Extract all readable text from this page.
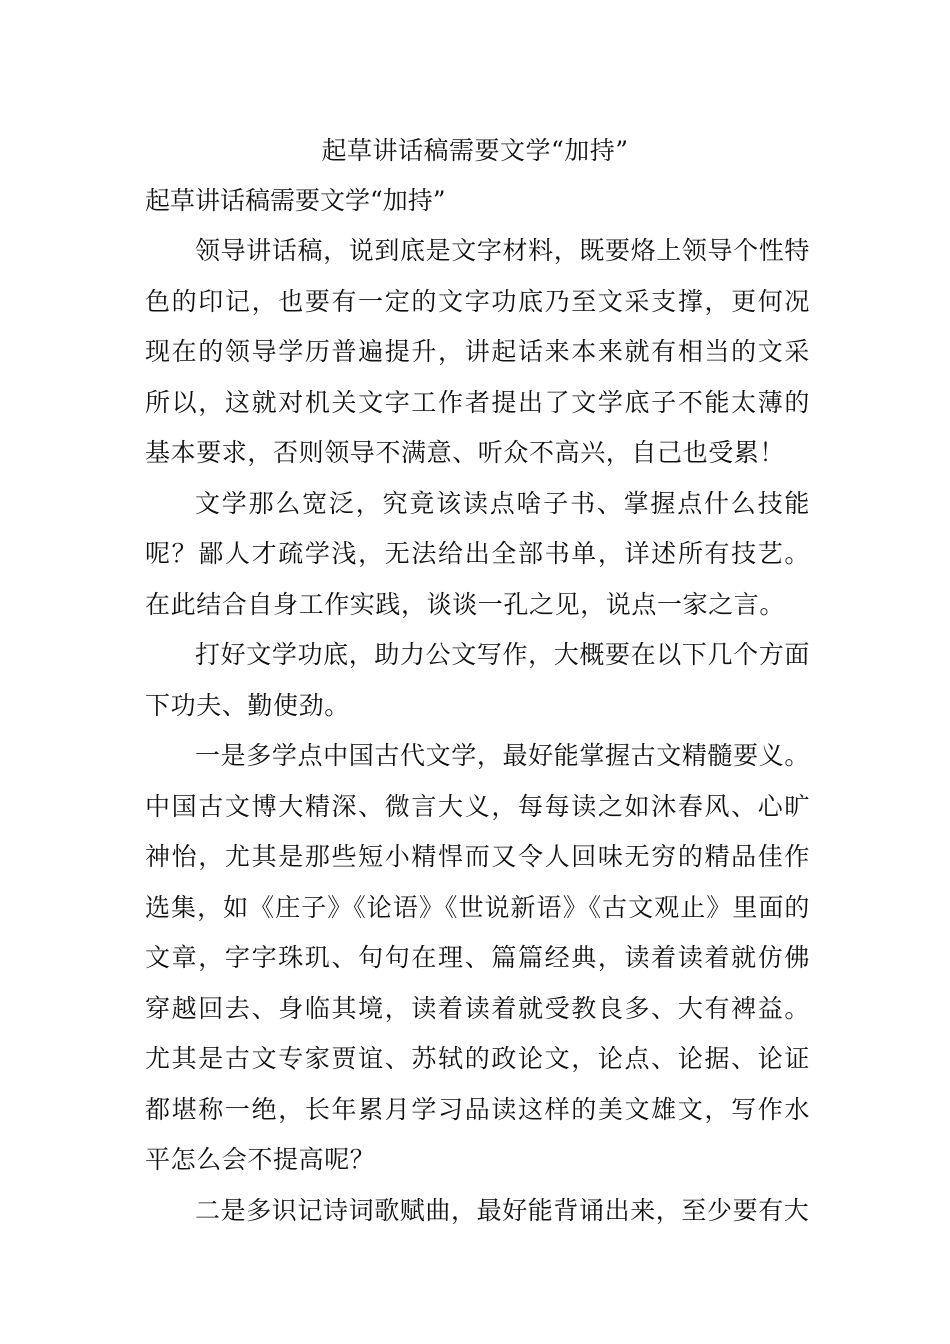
起草讲话稿需要文学“加持”

起草讲话稿需要文学“加持”

领导讲话稿，说到底是文字材料，既要烙上领导个性特色的印记，也要有一定的文字功底乃至文采支撑，更何况现在的领导学历普遍提升，讲起话来本来就有相当的文采所以，这就对机关文字工作者提出了文学底子不能太薄的基本要求，否则领导不满意、听众不高兴，自己也受累！

文学那么宽泛，究竟该读点啥子书、掌握点什么技能呢？鄙人才疏学浅，无法给出全部书单，详述所有技艺。在此结合自身工作实践，谈谈一孔之见，说点一家之言。

打好文学功底，助力公文写作，大概要在以下几个方面下功夫、勤使劲。

一是多学点中国古代文学，最好能掌握古文精髓要义。中国古文博大精深、微言大义，每每读之如沐春风、心旷神怡，尤其是那些短小精悍而又令人回味无穷的精品佳作选集，如《庄子》《论语》《世说新语》《古文观止》里面的文章，字字珠玑、句句在理、篇篇经典，读着读着就仿佛穿越回去、身临其境，读着读着就受教良多、大有裨益。尤其是古文专家贾谊、苏轼的政论文，论点、论据、论证都堪称一绝，长年累月学习品读这样的美文雄文，写作水平怎么会不提高呢？

二是多识记诗词歌赋曲，最好能背诵出来，至少要有大
